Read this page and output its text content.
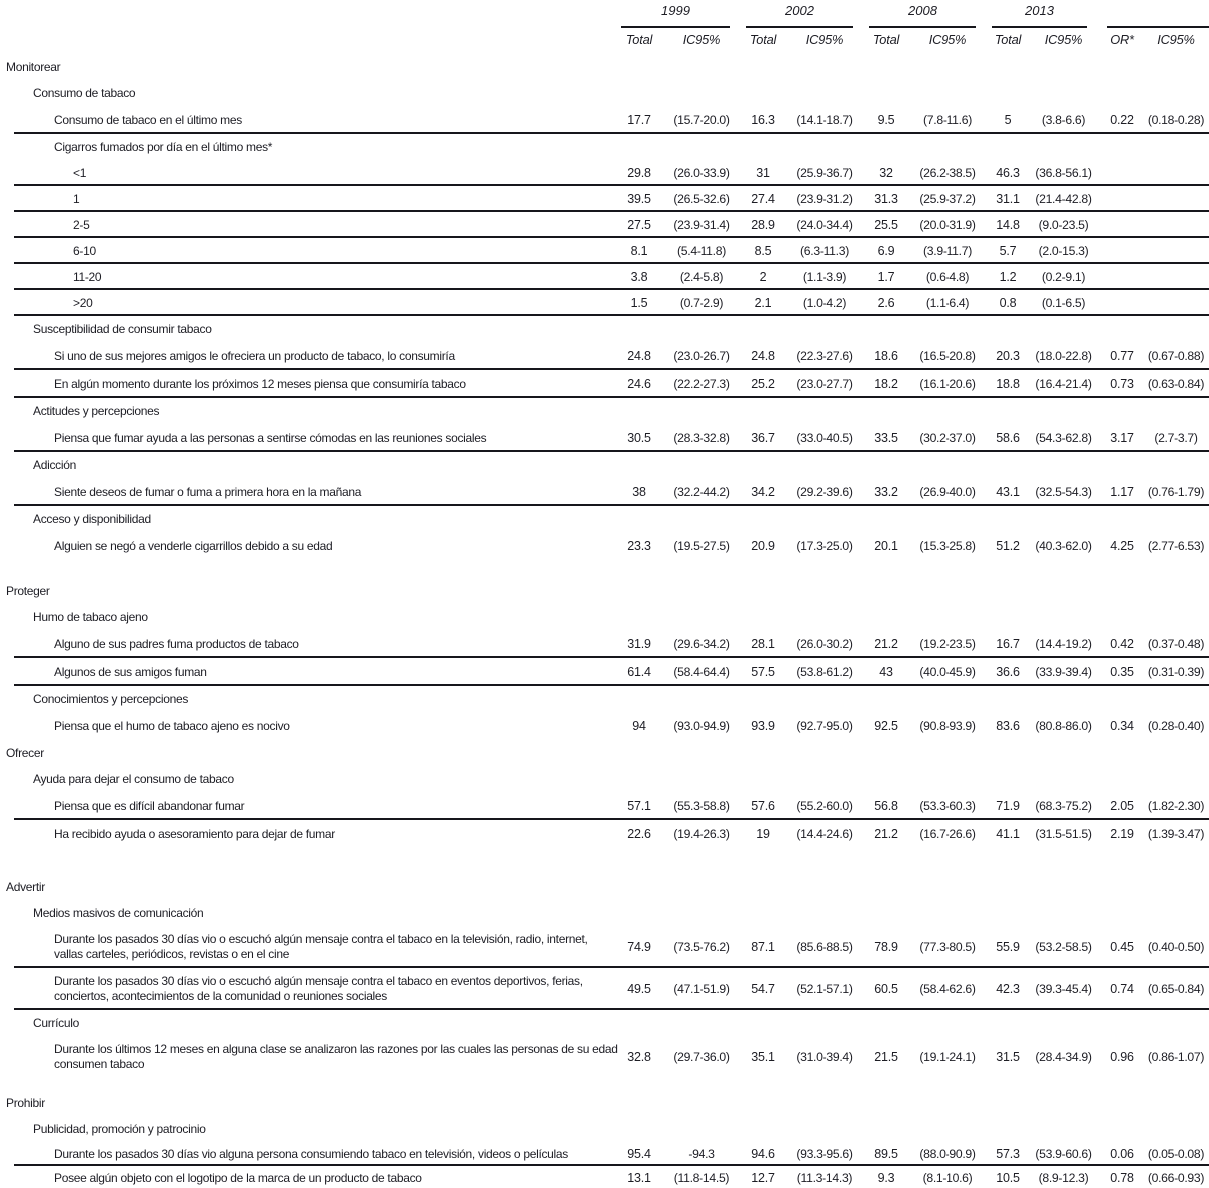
1999	2002	2008	2013
Total	IC95%	Total	IC95%	Total	IC95%	Total	IC95%	OR*	IC95%
Monitorear
Consumo de tabaco
Consumo de tabaco en el último mes	17.7	(15.7-20.0)	16.3	(14.1-18.7)	9.5	(7.8-11.6)	5	(3.8-6.6)	0.22	(0.18-0.28)
Cigarros fumados por día en el último mes*
<1	29.8	(26.0-33.9)	31	(25.9-36.7)	32	(26.2-38.5)	46.3	(36.8-56.1)
1	39.5	(26.5-32.6)	27.4	(23.9-31.2)	31.3	(25.9-37.2)	31.1	(21.4-42.8)
2-5	27.5	(23.9-31.4)	28.9	(24.0-34.4)	25.5	(20.0-31.9)	14.8	(9.0-23.5)
6-10	8.1	(5.4-11.8)	8.5	(6.3-11.3)	6.9	(3.9-11.7)	5.7	(2.0-15.3)
11-20	3.8	(2.4-5.8)	2	(1.1-3.9)	1.7	(0.6-4.8)	1.2	(0.2-9.1)
>20	1.5	(0.7-2.9)	2.1	(1.0-4.2)	2.6	(1.1-6.4)	0.8	(0.1-6.5)
Susceptibilidad de consumir tabaco
Si uno de sus mejores amigos le ofreciera un producto de tabaco, lo consumiría	24.8	(23.0-26.7)	24.8	(22.3-27.6)	18.6	(16.5-20.8)	20.3	(18.0-22.8)	0.77	(0.67-0.88)
En algún momento durante los próximos 12 meses piensa que consumiría tabaco	24.6	(22.2-27.3)	25.2	(23.0-27.7)	18.2	(16.1-20.6)	18.8	(16.4-21.4)	0.73	(0.63-0.84)
Actitudes y percepciones
Piensa que fumar ayuda a las personas a sentirse cómodas en las reuniones sociales	30.5	(28.3-32.8)	36.7	(33.0-40.5)	33.5	(30.2-37.0)	58.6	(54.3-62.8)	3.17	(2.7-3.7)
Adicción
Siente deseos de fumar o fuma a primera hora en la mañana	38	(32.2-44.2)	34.2	(29.2-39.6)	33.2	(26.9-40.0)	43.1	(32.5-54.3)	1.17	(0.76-1.79)
Acceso y disponibilidad
Alguien se negó a venderle cigarrillos debido a su edad	23.3	(19.5-27.5)	20.9	(17.3-25.0)	20.1	(15.3-25.8)	51.2	(40.3-62.0)	4.25	(2.77-6.53)
Proteger
Humo de tabaco ajeno
Alguno de sus padres fuma productos de tabaco	31.9	(29.6-34.2)	28.1	(26.0-30.2)	21.2	(19.2-23.5)	16.7	(14.4-19.2)	0.42	(0.37-0.48)
Algunos de sus amigos fuman	61.4	(58.4-64.4)	57.5	(53.8-61.2)	43	(40.0-45.9)	36.6	(33.9-39.4)	0.35	(0.31-0.39)
Conocimientos y percepciones
Piensa que el humo de tabaco ajeno es nocivo	94	(93.0-94.9)	93.9	(92.7-95.0)	92.5	(90.8-93.9)	83.6	(80.8-86.0)	0.34	(0.28-0.40)
Ofrecer
Ayuda para dejar el consumo de tabaco
Piensa que es difícil abandonar fumar	57.1	(55.3-58.8)	57.6	(55.2-60.0)	56.8	(53.3-60.3)	71.9	(68.3-75.2)	2.05	(1.82-2.30)
Ha recibido ayuda o asesoramiento para dejar de fumar	22.6	(19.4-26.3)	19	(14.4-24.6)	21.2	(16.7-26.6)	41.1	(31.5-51.5)	2.19	(1.39-3.47)
Advertir
Medios masivos de comunicación
Durante los pasados 30 días vio o escuchó algún mensaje contra el tabaco en la televisión, radio, internet, vallas carteles, periódicos, revistas o en el cine	74.9	(73.5-76.2)	87.1	(85.6-88.5)	78.9	(77.3-80.5)	55.9	(53.2-58.5)	0.45	(0.40-0.50)
Durante los pasados 30 días vio o escuchó algún mensaje contra el tabaco en eventos deportivos, ferias, conciertos, acontecimientos de la comunidad o reuniones sociales	49.5	(47.1-51.9)	54.7	(52.1-57.1)	60.5	(58.4-62.6)	42.3	(39.3-45.4)	0.74	(0.65-0.84)
Currículo
Durante los últimos 12 meses en alguna clase se analizaron las razones por las cuales las personas de su edad consumen tabaco	32.8	(29.7-36.0)	35.1	(31.0-39.4)	21.5	(19.1-24.1)	31.5	(28.4-34.9)	0.96	(0.86-1.07)
Prohibir
Publicidad, promoción y patrocinio
Durante los pasados 30 días vio alguna persona consumiendo tabaco en televisión, videos o películas	95.4	-94.3	94.6	(93.3-95.6)	89.5	(88.0-90.9)	57.3	(53.9-60.6)	0.06	(0.05-0.08)
Posee algún objeto con el logotipo de la marca de un producto de tabaco	13.1	(11.8-14.5)	12.7	(11.3-14.3)	9.3	(8.1-10.6)	10.5	(8.9-12.3)	0.78	(0.66-0.93)
